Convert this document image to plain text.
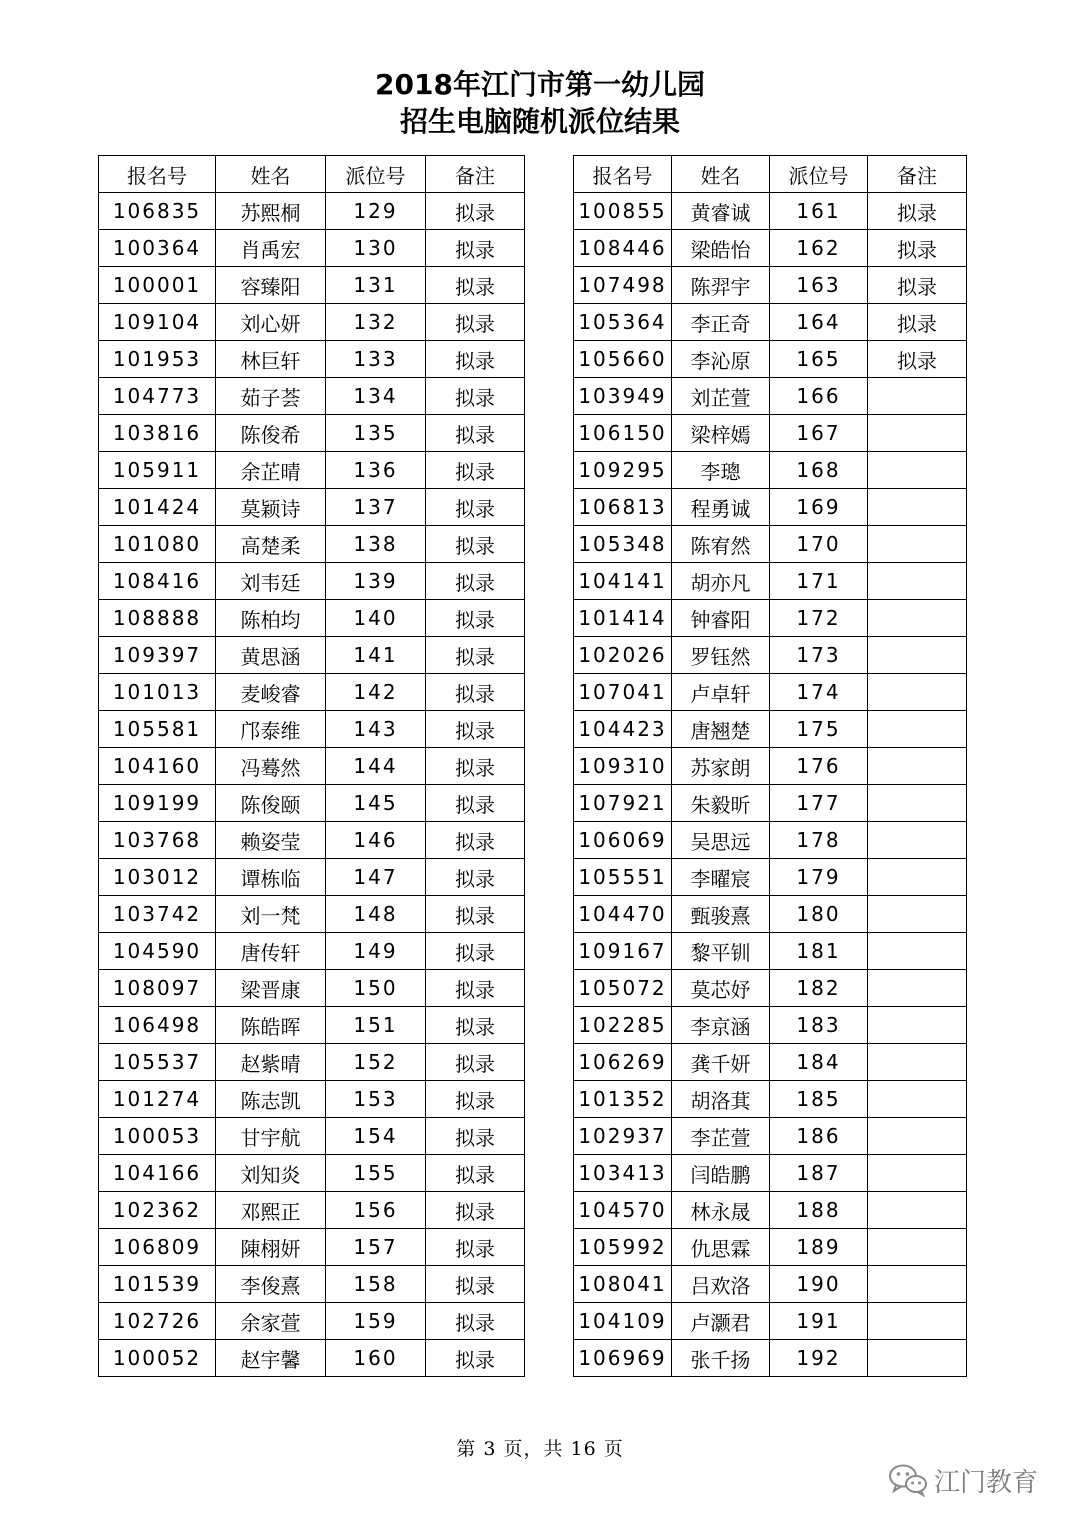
2018年江门市第一幼儿园
招生电脑随机派位结果
报名号	姓名	派位号	备注
106835	苏熙桐	129	拟录
100364	肖禹宏	130	拟录
100001	容臻阳	131	拟录
109104	刘心妍	132	拟录
101953	林巨轩	133	拟录
104773	茹子荟	134	拟录
103816	陈俊希	135	拟录
105911	余芷晴	136	拟录
101424	莫颖诗	137	拟录
101080	高楚柔	138	拟录
108416	刘韦廷	139	拟录
108888	陈柏均	140	拟录
109397	黄思涵	141	拟录
101013	麦峻睿	142	拟录
105581	邝泰维	143	拟录
104160	冯蓦然	144	拟录
109199	陈俊颐	145	拟录
103768	赖姿莹	146	拟录
103012	谭栋临	147	拟录
103742	刘一梵	148	拟录
104590	唐传轩	149	拟录
108097	梁晋康	150	拟录
106498	陈皓晖	151	拟录
105537	赵紫晴	152	拟录
101274	陈志凯	153	拟录
100053	甘宇航	154	拟录
104166	刘知炎	155	拟录
102362	邓熙正	156	拟录
106809	陳栩妍	157	拟录
101539	李俊熹	158	拟录
102726	余家萱	159	拟录
100052	赵宇馨	160	拟录
报名号	姓名	派位号	备注
100855	黄睿诚	161	拟录
108446	梁皓怡	162	拟录
107498	陈羿宇	163	拟录
105364	李正奇	164	拟录
105660	李沁原	165	拟录
103949	刘芷萱	166	
106150	梁梓嫣	167	
109295	李璁	168	
106813	程勇诚	169	
105348	陈宥然	170	
104141	胡亦凡	171	
101414	钟睿阳	172	
102026	罗钰然	173	
107041	卢卓轩	174	
104423	唐翘楚	175	
109310	苏家朗	176	
107921	朱毅昕	177	
106069	吴思远	178	
105551	李曜宸	179	
104470	甄骏熹	180	
109167	黎平钏	181	
105072	莫芯妤	182	
102285	李京涵	183	
106269	龚千妍	184	
101352	胡洛萁	185	
102937	李芷萱	186	
103413	闫皓鹏	187	
104570	林永晟	188	
105992	仇思霖	189	
108041	吕欢洛	190	
104109	卢灏君	191	
106969	张千扬	192	
第 3 页，共 16 页
江门教育
